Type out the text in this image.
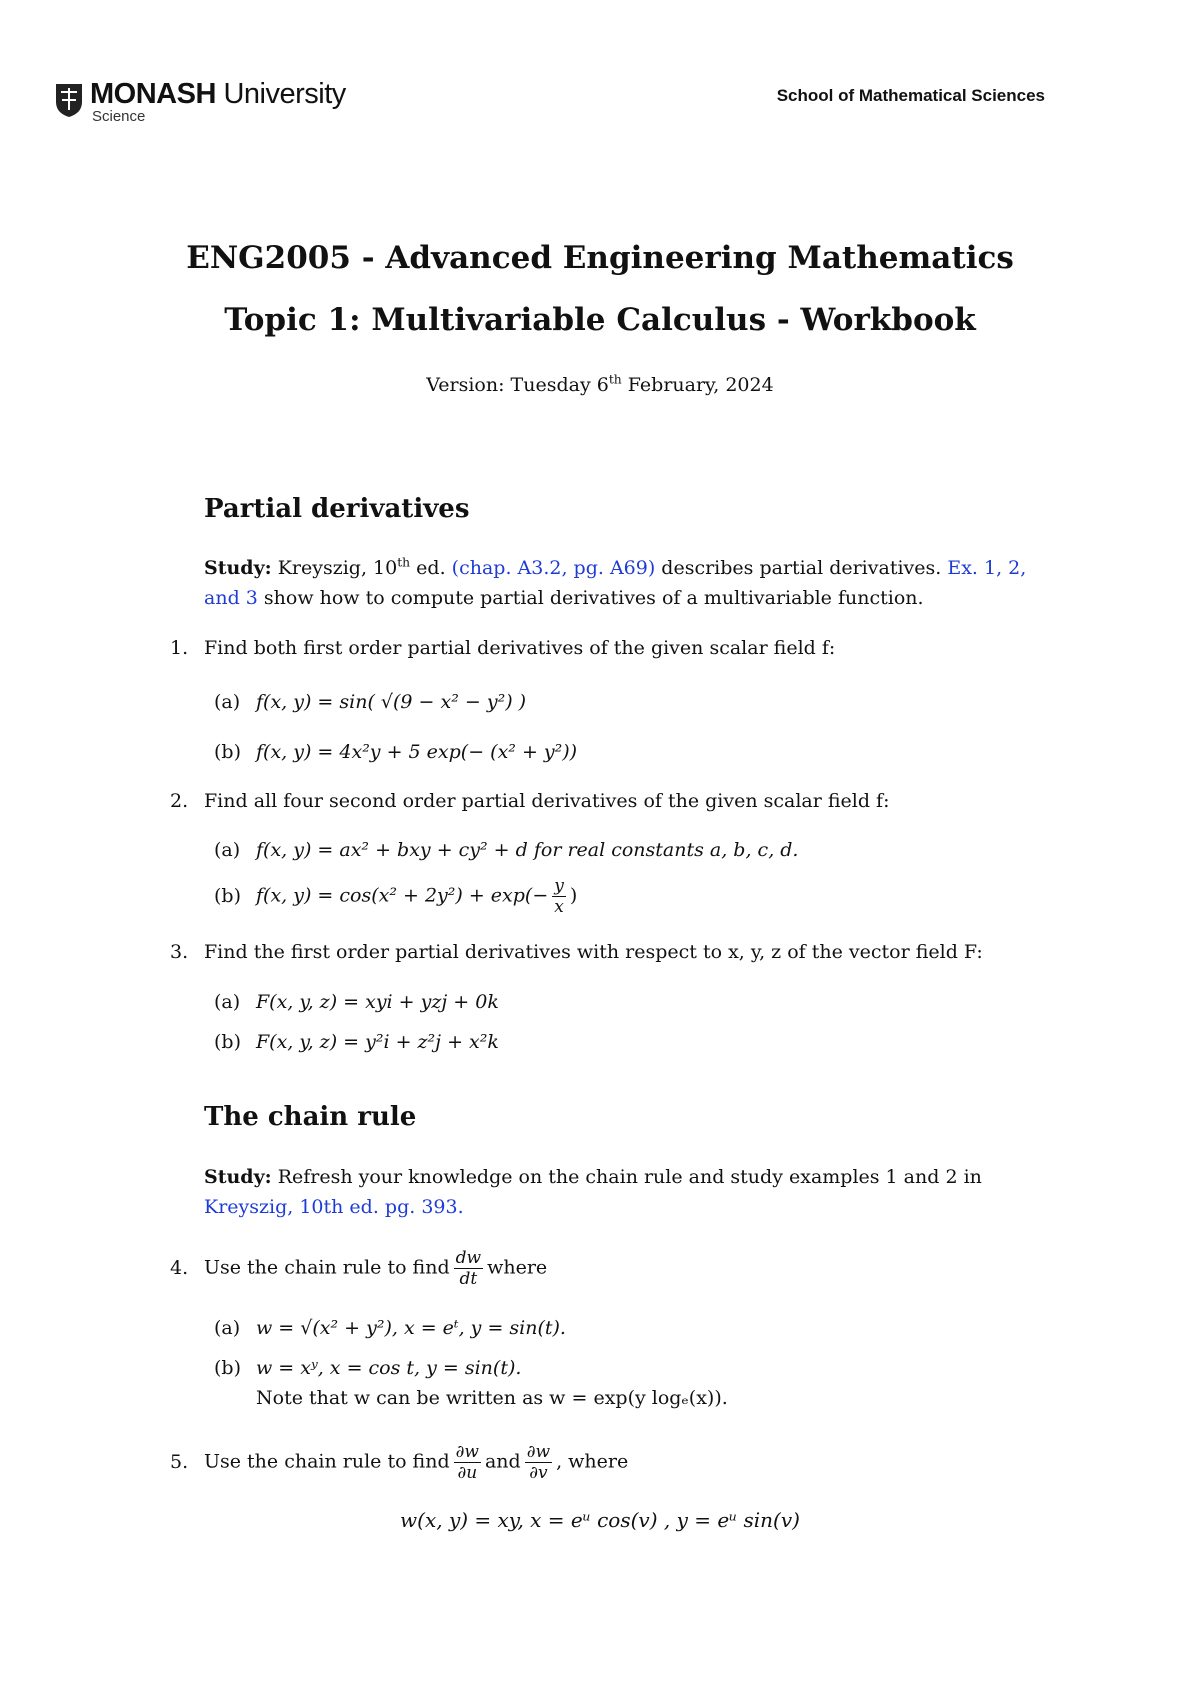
MONASH University
Science
School of Mathematical Sciences
ENG2005 - Advanced Engineering Mathematics
Topic 1: Multivariable Calculus - Workbook
Version: Tuesday 6th February, 2024
Partial derivatives
Study: Kreyszig, 10th ed. (chap. A3.2, pg. A69) describes partial derivatives. Ex. 1, 2, and 3 show how to compute partial derivatives of a multivariable function.
1. Find both first order partial derivatives of the given scalar field f:
(a) f(x, y) = sin( √(9 − x² − y²) )
(b) f(x, y) = 4x²y + 5 exp(− (x² + y²))
2. Find all four second order partial derivatives of the given scalar field f:
(a) f(x, y) = ax² + bxy + cy² + d for real constants a, b, c, d.
(b) f(x, $y) = \cos(x^2 + 2y^2) + \exp(- \frac{y}{x}$ )
3. Find the first order partial derivatives with respect to x, y, z of the vector field F:
(a) F(x, y, z) = xyi + yzj + 0k
(b) F(x, y, z) = y²i + z²j + x²k
The chain rule
Study: Refresh your knowledge on the chain rule and study examples 1 and 2 in Kreyszig, 10th ed. pg. 393.
4. Use the chain rule to find $\frac{dw}{dt}$ where
(a) w = √(x² + y²), x = eᵗ, y = sin(t).
(b) w = xʸ, x = cos t, y = sin(t).
Note that w can be written as w = exp(y logₑ(x)).
5. Use the chain rule to find $\frac{\partial w}{\partial u}$ and $\frac{\partial w}{\partial v}$ , where
w(x, y) = xy, x = eᵘ cos(v) , y = eᵘ sin(v)
